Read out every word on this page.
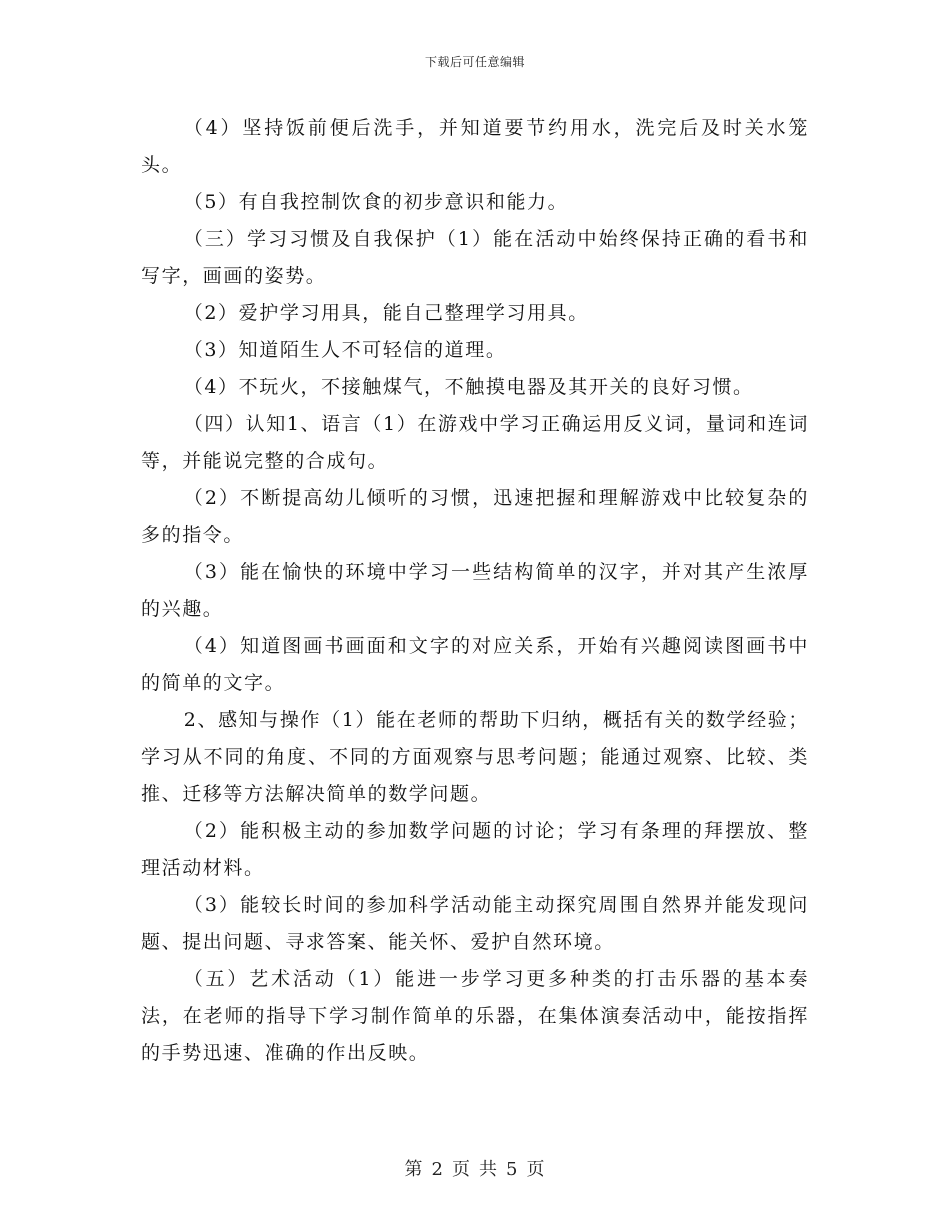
下载后可任意编辑

（4）坚持饭前便后洗手，并知道要节约用水，洗完后及时关水笼头。

（5）有自我控制饮食的初步意识和能力。

（三）学习习惯及自我保护（1）能在活动中始终保持正确的看书和写字，画画的姿势。

（2）爱护学习用具，能自己整理学习用具。

（3）知道陌生人不可轻信的道理。

（4）不玩火，不接触煤气，不触摸电器及其开关的良好习惯。

（四）认知1、语言（1）在游戏中学习正确运用反义词，量词和连词等，并能说完整的合成句。

（2）不断提高幼儿倾听的习惯，迅速把握和理解游戏中比较复杂的多的指令。

（3）能在愉快的环境中学习一些结构简单的汉字，并对其产生浓厚的兴趣。

（4）知道图画书画面和文字的对应关系，开始有兴趣阅读图画书中的简单的文字。

2、感知与操作（1）能在老师的帮助下归纳，概括有关的数学经验；学习从不同的角度、不同的方面观察与思考问题；能通过观察、比较、类推、迁移等方法解决简单的数学问题。

（2）能积极主动的参加数学问题的讨论；学习有条理的拜摆放、整理活动材料。

（3）能较长时间的参加科学活动能主动探究周围自然界并能发现问题、提出问题、寻求答案、能关怀、爱护自然环境。

（五）艺术活动（1）能进一步学习更多种类的打击乐器的基本奏法，在老师的指导下学习制作简单的乐器，在集体演奏活动中，能按指挥的手势迅速、准确的作出反映。

第 2 页 共 5 页
